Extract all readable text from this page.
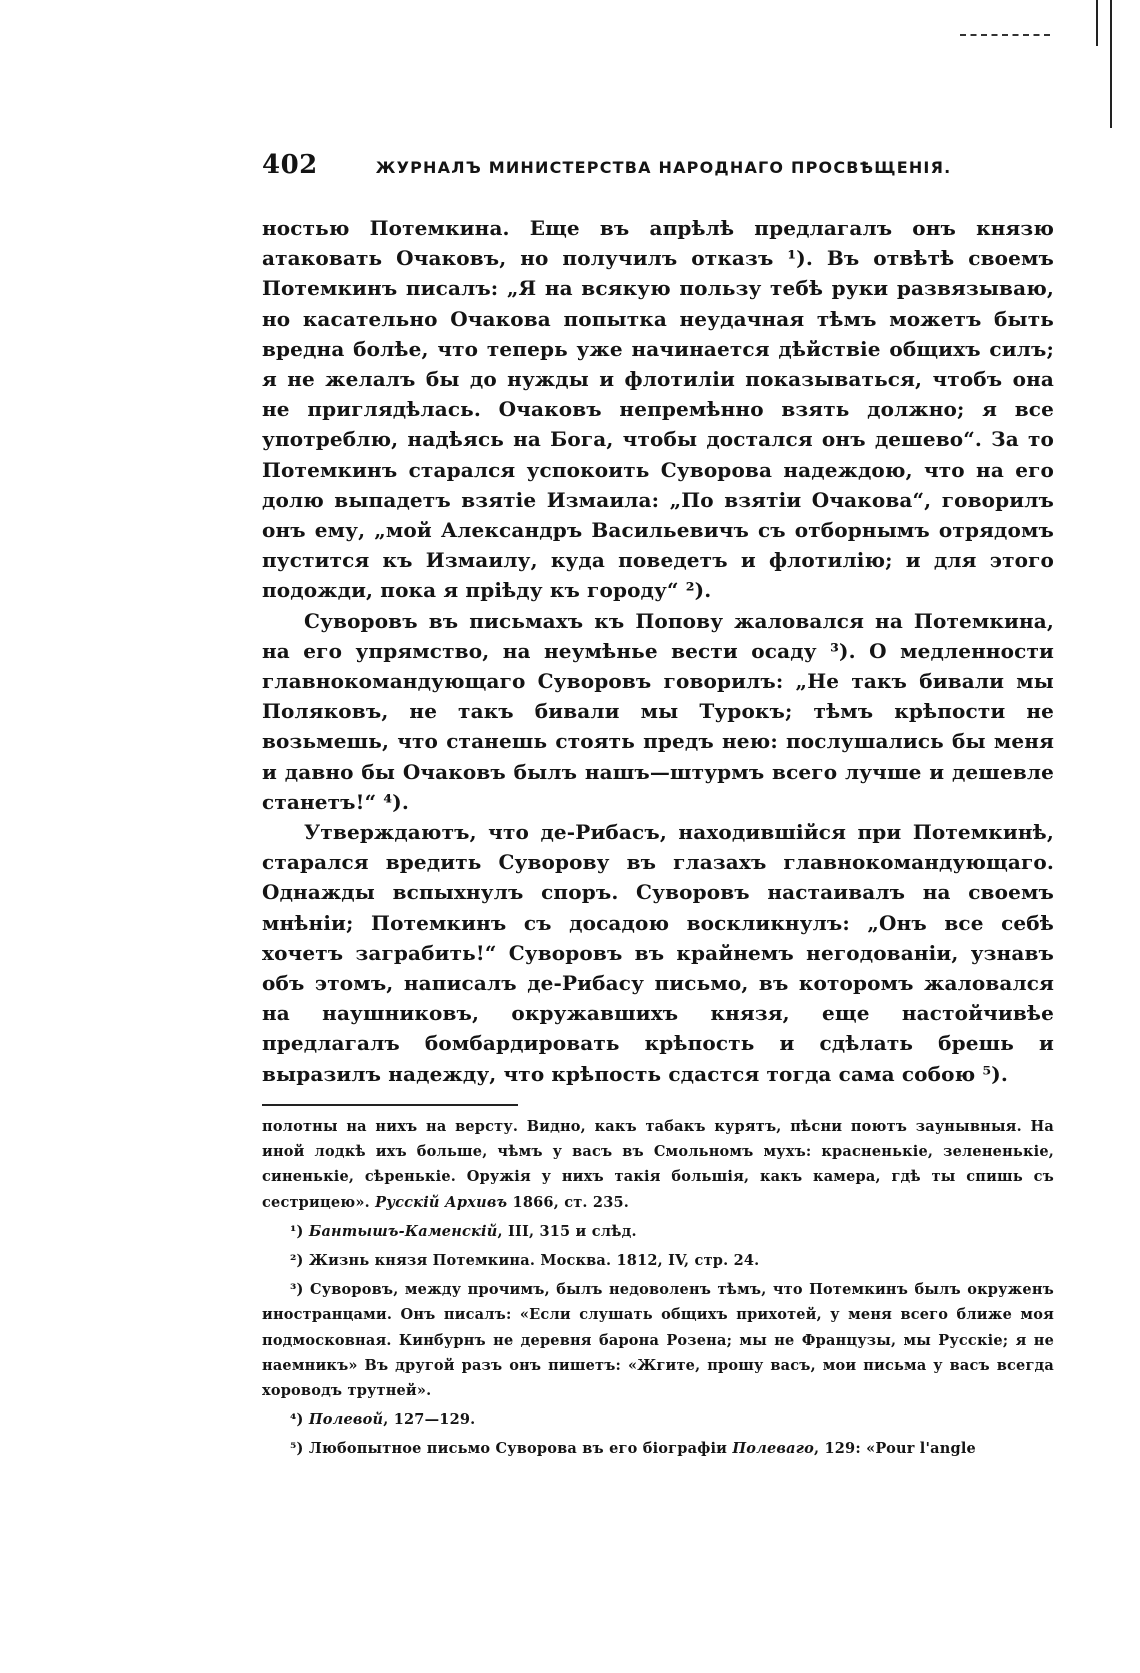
402	ЖУРНАЛЪ МИНИСТЕРСТВА НАРОДНАГО ПРОСВѢЩЕНІЯ.

ностью Потемкина. Еще въ апрѣлѣ предлагалъ онъ князю атаковать Очаковъ, но получилъ отказъ ¹). Въ отвѣтѣ своемъ Потемкинъ писалъ: „Я на всякую пользу тебѣ руки развязываю, но касательно Очакова попытка неудачная тѣмъ можетъ быть вредна болѣе, что теперь уже начинается дѣйствіе общихъ силъ; я не желалъ бы до нужды и флотиліи показываться, чтобъ она не приглядѣлась. Очаковъ непремѣнно взять должно; я все употреблю, надѣясь на Бога, чтобы достался онъ дешево“. За то Потемкинъ старался успокоить Суворова надеждою, что на его долю выпадетъ взятіе Измаила: „По взятіи Очакова“, говорилъ онъ ему, „мой Александръ Васильевичъ съ отборнымъ отрядомъ пустится къ Измаилу, куда поведетъ и флотилію; и для этого подожди, пока я пріѣду къ городу“ ²).

Суворовъ въ письмахъ къ Попову жаловался на Потемкина, на его упрямство, на неумѣнье вести осаду ³). О медленности главнокомандующаго Суворовъ говорилъ: „Не такъ бивали мы Поляковъ, не такъ бивали мы Турокъ; тѣмъ крѣпости не возьмешь, что станешь стоять предъ нею: послушались бы меня и давно бы Очаковъ былъ нашъ—штурмъ всего лучше и дешевле станетъ!“ ⁴).

Утверждаютъ, что де-Рибасъ, находившійся при Потемкинѣ, старался вредить Суворову въ глазахъ главнокомандующаго. Однажды вспыхнулъ споръ. Суворовъ настаивалъ на своемъ мнѣніи; Потемкинъ съ досадою воскликнулъ: „Онъ все себѣ хочетъ заграбить!“ Суворовъ въ крайнемъ негодованіи, узнавъ объ этомъ, написалъ де-Рибасу письмо, въ которомъ жаловался на наушниковъ, окружавшихъ князя, еще настойчивѣе предлагалъ бомбардировать крѣпость и сдѣлать брешь и выразилъ надежду, что крѣпость сдастся тогда сама собою ⁵).

полотны на нихъ на версту. Видно, какъ табакъ курятъ, пѣсни поютъ заунывныя. На иной лодкѣ ихъ больше, чѣмъ у васъ въ Смольномъ мухъ: красненькіе, зелененькіе, синенькіе, сѣренькіе. Оружія у нихъ такія большія, какъ камера, гдѣ ты спишь съ сестрицею». Русскій Архивъ 1866, ст. 235.

¹) Бантышъ-Каменскій, III, 315 и слѣд.

²) Жизнь князя Потемкина. Москва. 1812, IV, стр. 24.

³) Суворовъ, между прочимъ, былъ недоволенъ тѣмъ, что Потемкинъ былъ окруженъ иностранцами. Онъ писалъ: «Если слушать общихъ прихотей, у меня всего ближе моя подмосковная. Кинбурнъ не деревня барона Розена; мы не Французы, мы Русскіе; я не наемникъ» Въ другой разъ онъ пишетъ: «Жгите, прошу васъ, мои письма у васъ всегда хороводъ трутней».

⁴) Полевой, 127—129.

⁵) Любопытное письмо Суворова въ его біографіи Полеваго, 129: «Pour l'angle
